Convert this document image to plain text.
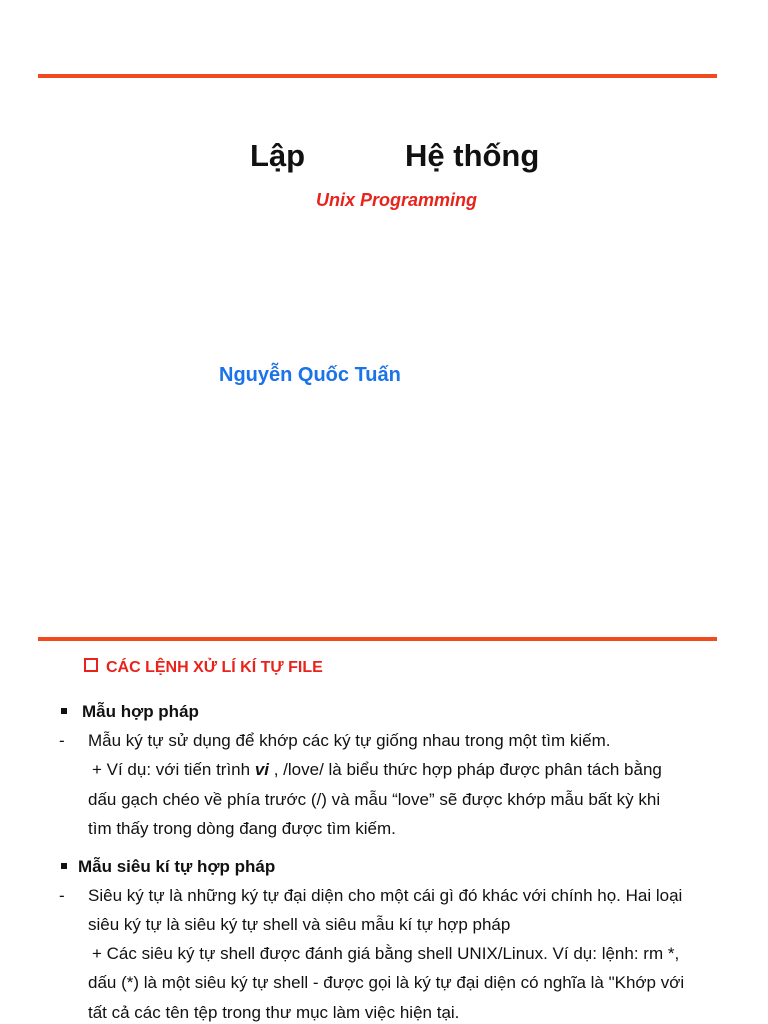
Lập	Hệ thống
Unix Programming
Nguyễn Quốc Tuấn
CÁC LỆNH XỬ LÍ KÍ TỰ FILE
Mẫu hợp pháp
- Mẫu ký tự sử dụng để khớp các ký tự giống nhau trong một tìm kiếm.
+ Ví dụ: với tiến trình vi , /love/ là biểu thức hợp pháp được phân tách bằng
dấu gạch chéo về phía trước (/) và mẫu “love” sẽ được khớp mẫu bất kỳ khi
tìm thấy trong dòng đang được tìm kiếm.
Mẫu siêu kí tự hợp pháp
- Siêu ký tự là những ký tự đại diện cho một cái gì đó khác với chính họ. Hai loại
siêu ký tự là siêu ký tự shell và siêu mẫu kí tự hợp pháp
+ Các siêu ký tự shell được đánh giá bằng shell UNIX/Linux. Ví dụ: lệnh: rm *,
dấu (*) là một siêu ký tự shell - được gọi là ký tự đại diện có nghĩa là "Khớp với
tất cả các tên tệp trong thư mục làm việc hiện tại.
